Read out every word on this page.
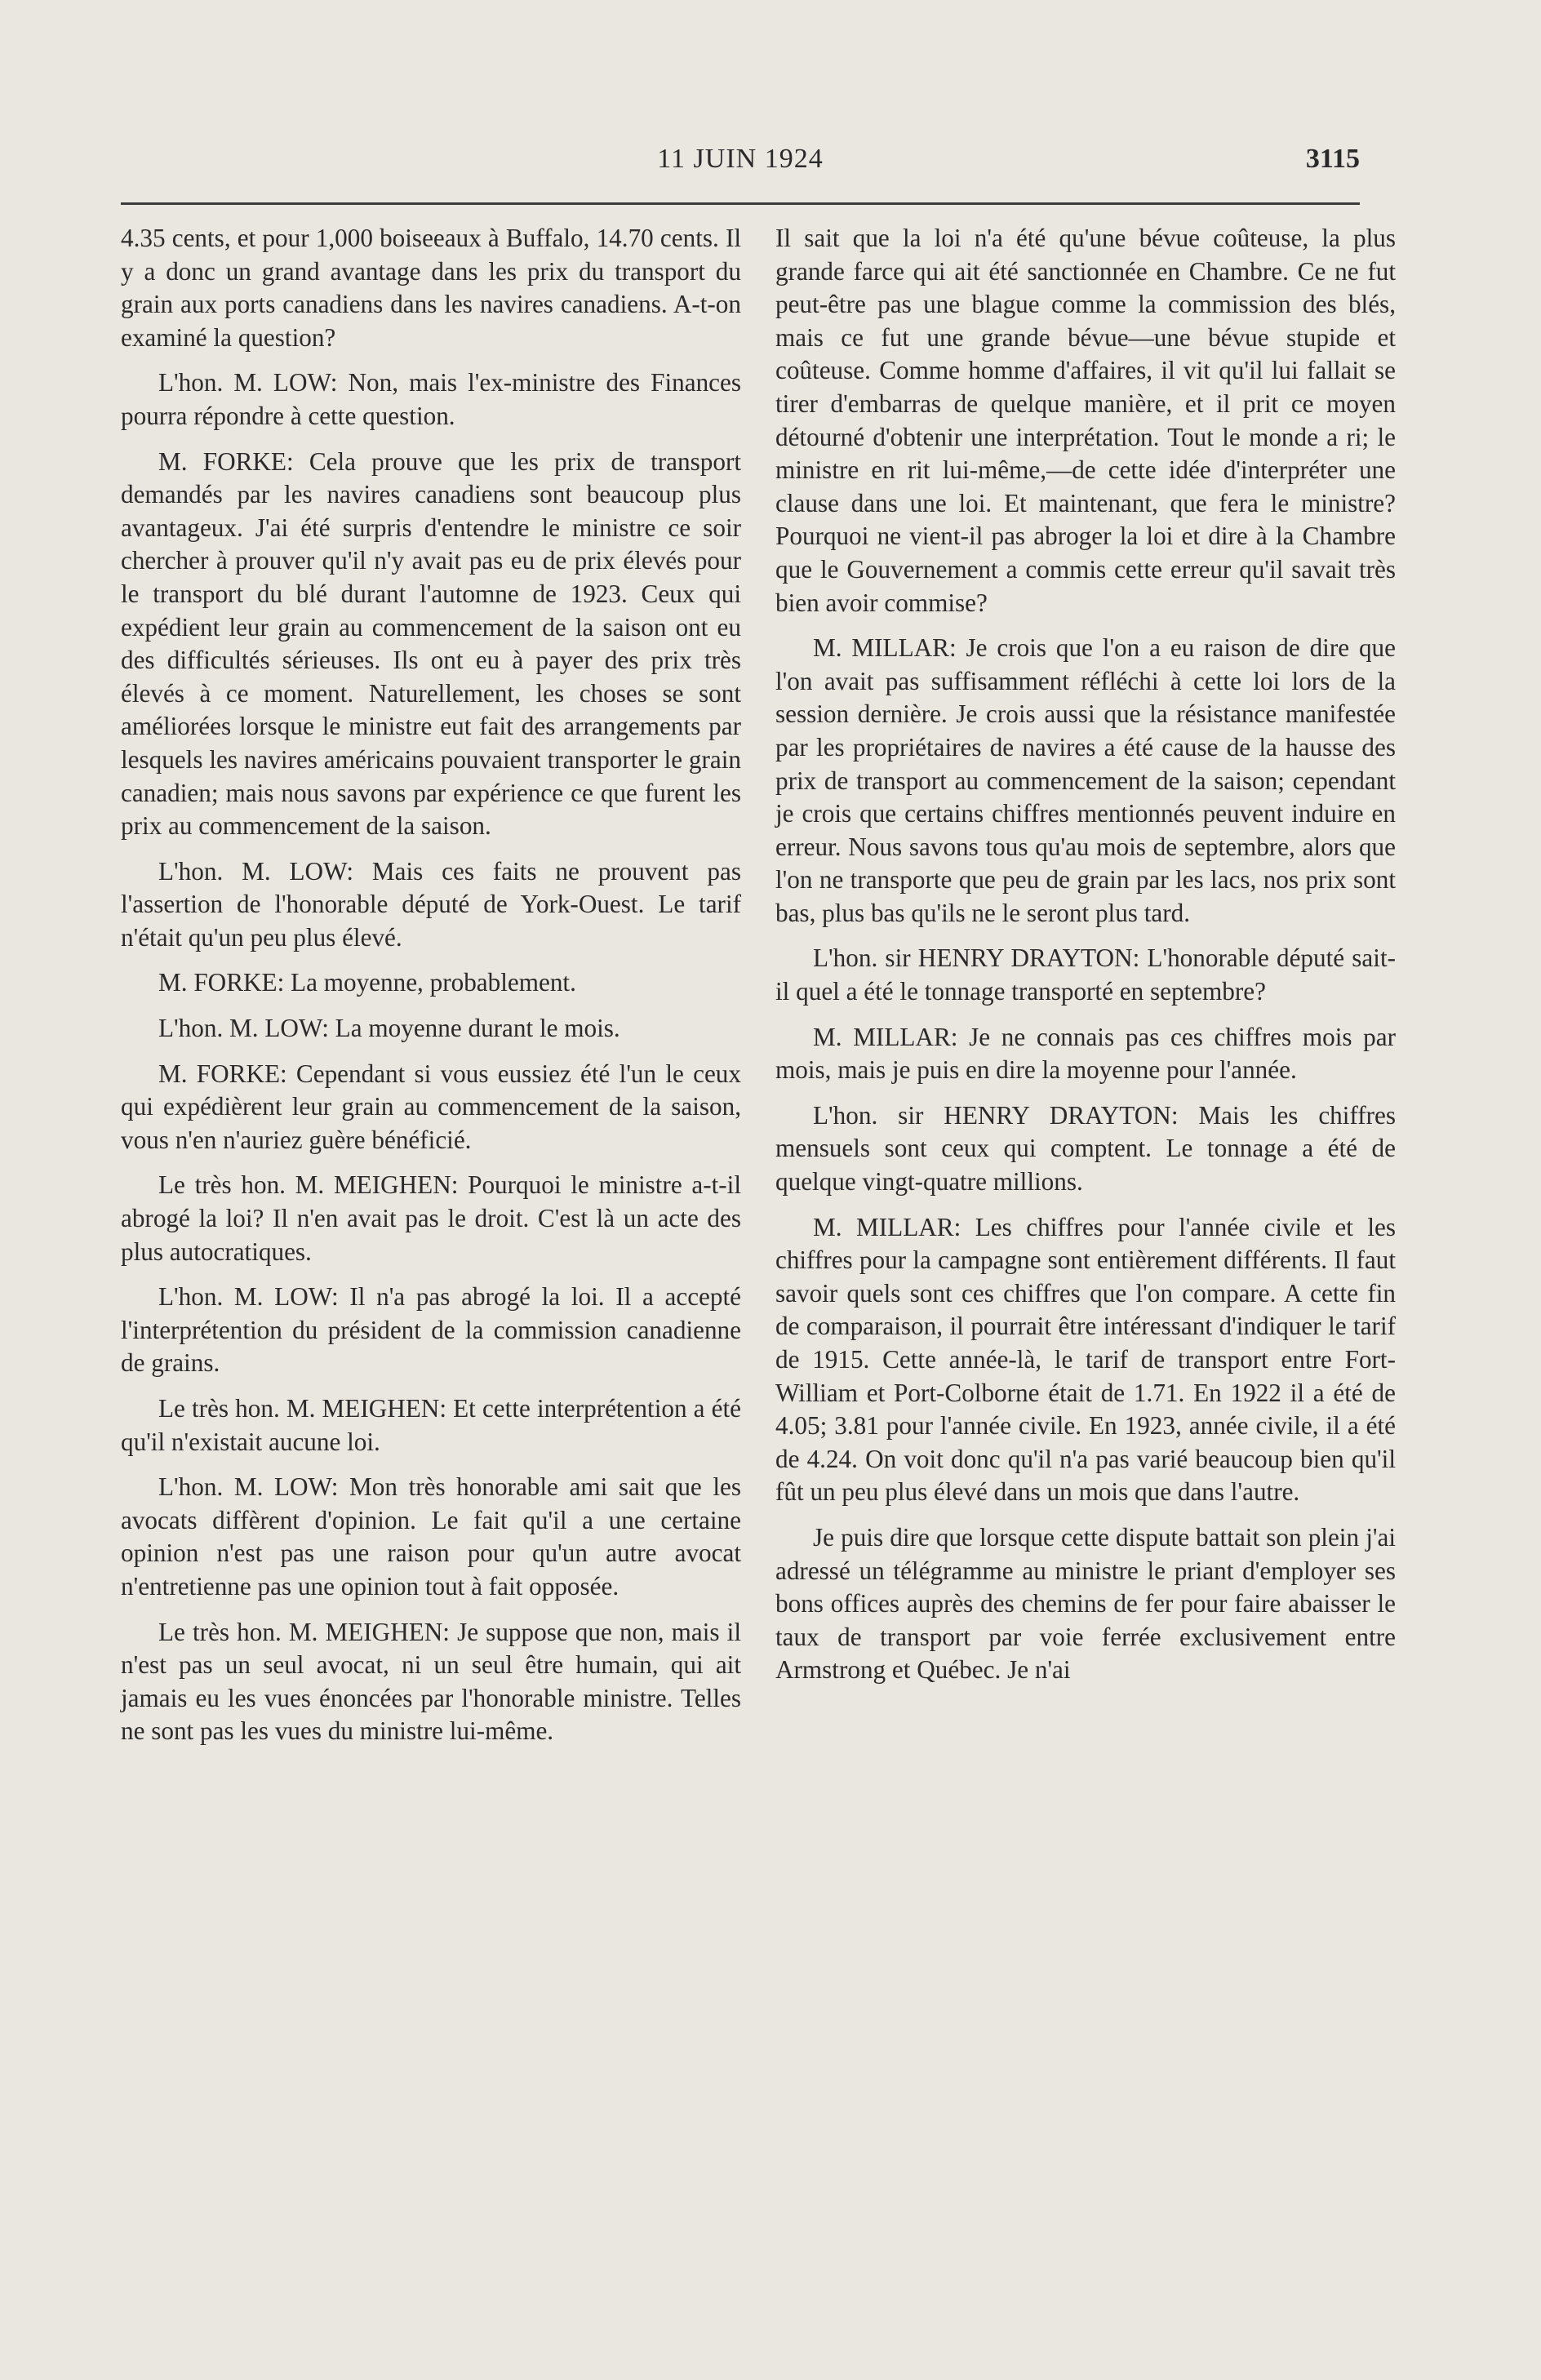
11 JUIN 1924	3115

4.35 cents, et pour 1,000 boiseeaux à Buffalo, 14.70 cents. Il y a donc un grand avantage dans les prix du transport du grain aux ports canadiens dans les navires canadiens. A-t-on examiné la question?

L'hon. M. LOW: Non, mais l'ex-ministre des Finances pourra répondre à cette question.

M. FORKE: Cela prouve que les prix de transport demandés par les navires canadiens sont beaucoup plus avantageux. J'ai été surpris d'entendre le ministre ce soir chercher à prouver qu'il n'y avait pas eu de prix élevés pour le transport du blé durant l'automne de 1923. Ceux qui expédient leur grain au commencement de la saison ont eu des difficultés sérieuses. Ils ont eu à payer des prix très élevés à ce moment. Naturellement, les choses se sont améliorées lorsque le ministre eut fait des arrangements par lesquels les navires américains pouvaient transporter le grain canadien; mais nous savons par expérience ce que furent les prix au commencement de la saison.

L'hon. M. LOW: Mais ces faits ne prouvent pas l'assertion de l'honorable député de York-Ouest. Le tarif n'était qu'un peu plus élevé.

M. FORKE: La moyenne, probablement.

L'hon. M. LOW: La moyenne durant le mois.

M. FORKE: Cependant si vous eussiez été l'un le ceux qui expédièrent leur grain au commencement de la saison, vous n'en n'auriez guère bénéficié.

Le très hon. M. MEIGHEN: Pourquoi le ministre a-t-il abrogé la loi? Il n'en avait pas le droit. C'est là un acte des plus autocratiques.

L'hon. M. LOW: Il n'a pas abrogé la loi. Il a accepté l'interprétention du président de la commission canadienne de grains.

Le très hon. M. MEIGHEN: Et cette interprétention a été qu'il n'existait aucune loi.

L'hon. M. LOW: Mon très honorable ami sait que les avocats diffèrent d'opinion. Le fait qu'il a une certaine opinion n'est pas une raison pour qu'un autre avocat n'entretienne pas une opinion tout à fait opposée.

Le très hon. M. MEIGHEN: Je suppose que non, mais il n'est pas un seul avocat, ni un seul être humain, qui ait jamais eu les vues énoncées par l'honorable ministre. Telles ne sont pas les vues du ministre lui-même.

Il sait que la loi n'a été qu'une bévue coûteuse, la plus grande farce qui ait été sanctionnée en Chambre. Ce ne fut peut-être pas une blague comme la commission des blés, mais ce fut une grande bévue—une bévue stupide et coûteuse. Comme homme d'affaires, il vit qu'il lui fallait se tirer d'embarras de quelque manière, et il prit ce moyen détourné d'obtenir une interprétation. Tout le monde a ri; le ministre en rit lui-même,—de cette idée d'interpréter une clause dans une loi. Et maintenant, que fera le ministre? Pourquoi ne vient-il pas abroger la loi et dire à la Chambre que le Gouvernement a commis cette erreur qu'il savait très bien avoir commise?

M. MILLAR: Je crois que l'on a eu raison de dire que l'on avait pas suffisamment réfléchi à cette loi lors de la session dernière. Je crois aussi que la résistance manifestée par les propriétaires de navires a été cause de la hausse des prix de transport au commencement de la saison; cependant je crois que certains chiffres mentionnés peuvent induire en erreur. Nous savons tous qu'au mois de septembre, alors que l'on ne transporte que peu de grain par les lacs, nos prix sont bas, plus bas qu'ils ne le seront plus tard.

L'hon. sir HENRY DRAYTON: L'honorable député sait-il quel a été le tonnage transporté en septembre?

M. MILLAR: Je ne connais pas ces chiffres mois par mois, mais je puis en dire la moyenne pour l'année.

L'hon. sir HENRY DRAYTON: Mais les chiffres mensuels sont ceux qui comptent. Le tonnage a été de quelque vingt-quatre millions.

M. MILLAR: Les chiffres pour l'année civile et les chiffres pour la campagne sont entièrement différents. Il faut savoir quels sont ces chiffres que l'on compare. A cette fin de comparaison, il pourrait être intéressant d'indiquer le tarif de 1915. Cette année-là, le tarif de transport entre Fort-William et Port-Colborne était de 1.71. En 1922 il a été de 4.05; 3.81 pour l'année civile. En 1923, année civile, il a été de 4.24. On voit donc qu'il n'a pas varié beaucoup bien qu'il fût un peu plus élevé dans un mois que dans l'autre.

Je puis dire que lorsque cette dispute battait son plein j'ai adressé un télégramme au ministre le priant d'employer ses bons offices auprès des chemins de fer pour faire abaisser le taux de transport par voie ferrée exclusivement entre Armstrong et Québec. Je n'ai
